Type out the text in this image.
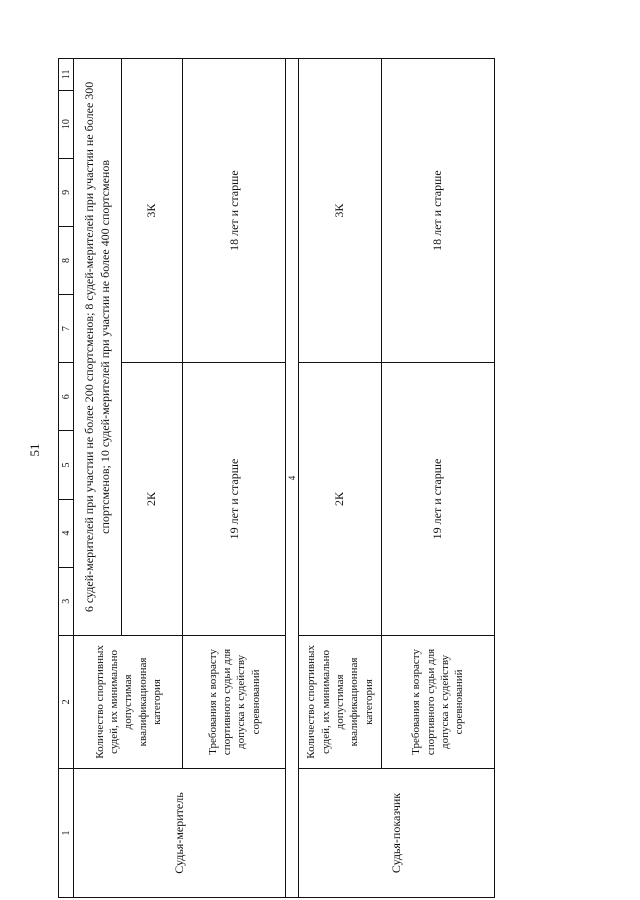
51
1	2	3	4	5	6	7	8	9	10	11
Судья-меритель	Количество спортивных судей, их минимально допустимая квалификационная категория	6 судей-мерителей при участии не более 200 спортсменов; 8 судей-мерителей при участии не более 300 спортсменов; 10 судей-мерителей при участии не более 400 спортсменов								
		2К				3К				
	Требования к возрасту спортивного судьи для допуска к судейству соревнований	19 лет и старше				18 лет и старше				
4										
Судья-показчик	Количество спортивных судей, их минимально допустимая квалификационная категория	2К				3К				
	Требования к возрасту спортивного судьи для допуска к судейству соревнований	19 лет и старше				18 лет и старше				
